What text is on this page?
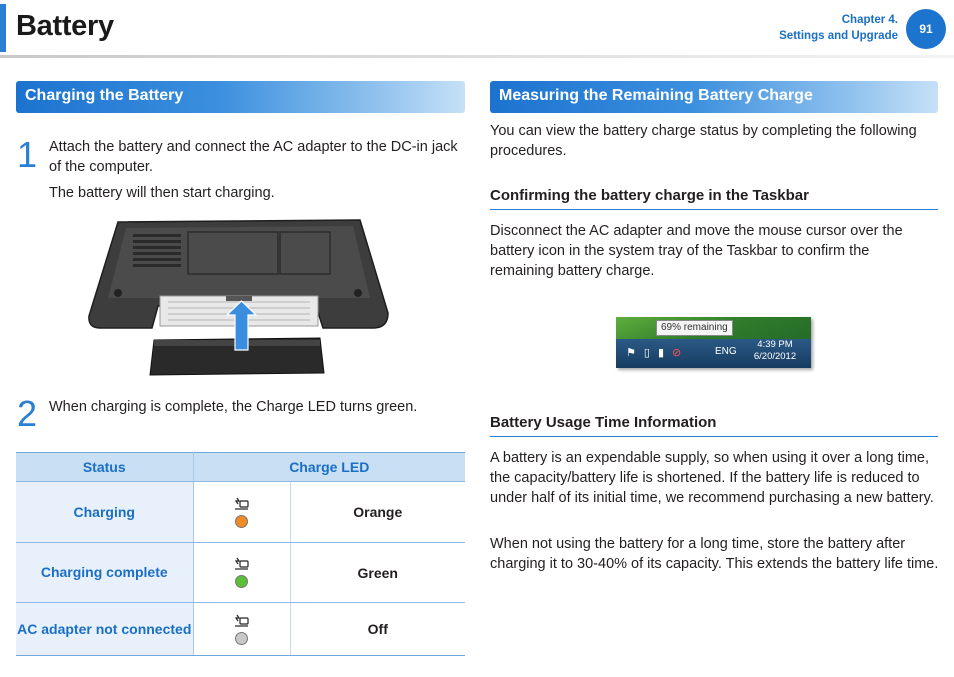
Battery	Chapter 4.
Settings and Upgrade	91
Charging the Battery
1 Attach the battery and connect the AC adapter to the DC-in jack of the computer.
The battery will then start charging.
2 When charging is complete, the Charge LED turns green.
Status	Charge LED	
Charging		Orange
Charging complete		Green
AC adapter not connected		Off
Measuring the Remaining Battery Charge
You can view the battery charge status by completing the following procedures.
Confirming the battery charge in the Taskbar
Disconnect the AC adapter and move the mouse cursor over the battery icon in the system tray of the Taskbar to confirm the remaining battery charge.
69% remaining
⚑ ▯ ▮ ⊘	ENG
4:39 PM
6/20/2012
Battery Usage Time Information
A battery is an expendable supply, so when using it over a long time, the capacity/battery life is shortened. If the battery life is reduced to under half of its initial time, we recommend purchasing a new battery.
When not using the battery for a long time, store the battery after charging it to 30-40% of its capacity. This extends the battery life time.
